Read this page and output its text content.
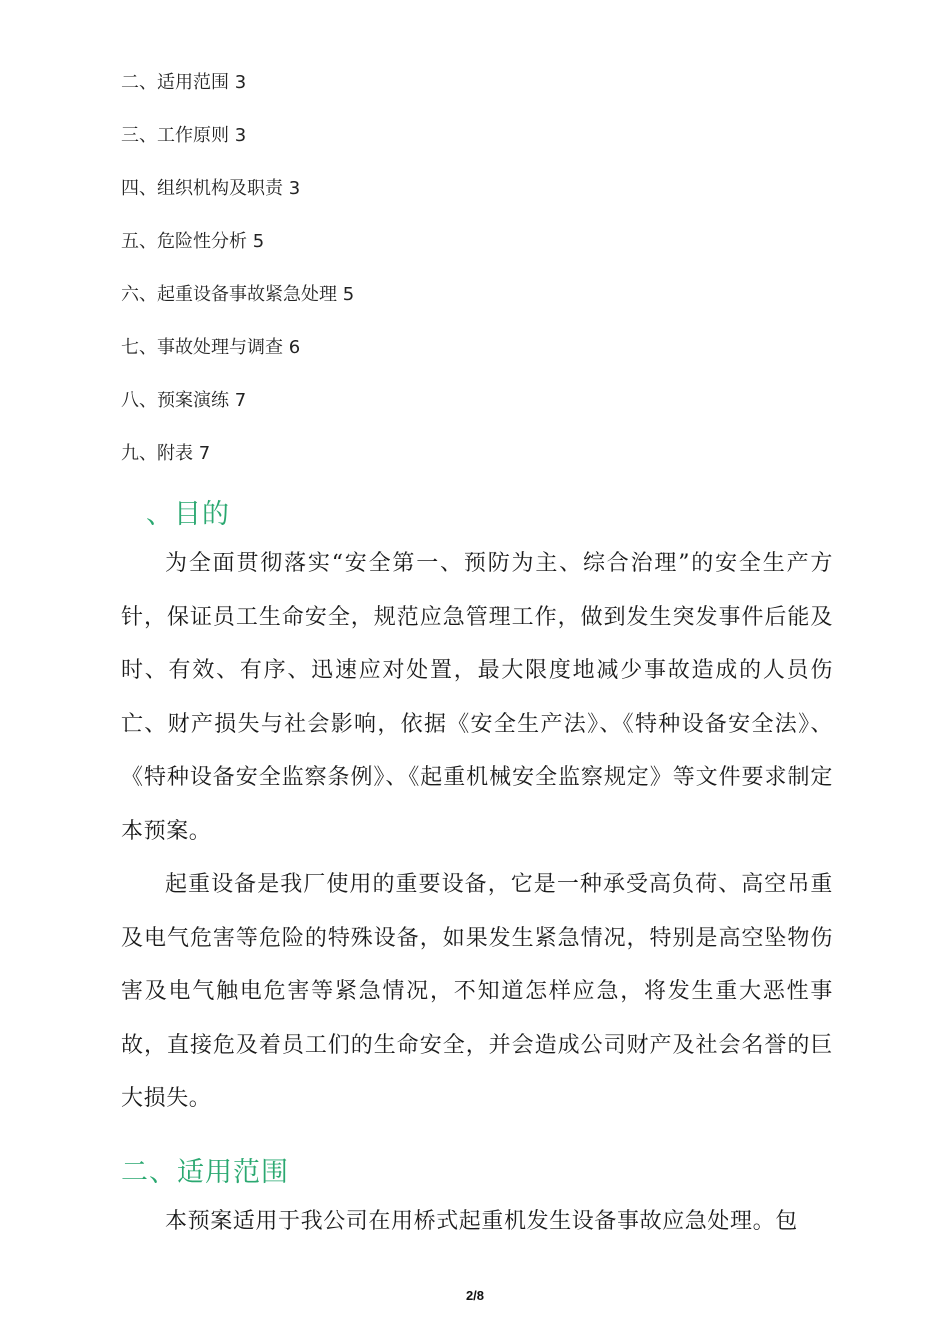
二、适用范围 3
三、工作原则 3
四、组织机构及职责 3
五、危险性分析 5
六、起重设备事故紧急处理 5
七、事故处理与调查 6
八、预案演练 7
九、附表 7
、目的

为全面贯彻落实“安全第一、预防为主、综合治理”的安全生产方针，保证员工生命安全，规范应急管理工作，做到发生突发事件后能及时、有效、有序、迅速应对处置，最大限度地减少事故造成的人员伤亡、财产损失与社会影响，依据《安全生产法》、《特种设备安全法》、《特种设备安全监察条例》、《起重机械安全监察规定》等文件要求制定本预案。

起重设备是我厂使用的重要设备，它是一种承受高负荷、高空吊重及电气危害等危险的特殊设备，如果发生紧急情况，特别是高空坠物伤害及电气触电危害等紧急情况，不知道怎样应急，将发生重大恶性事故，直接危及着员工们的生命安全，并会造成公司财产及社会名誉的巨大损失。

二、适用范围

本预案适用于我公司在用桥式起重机发生设备事故应急处理。包

2/8
